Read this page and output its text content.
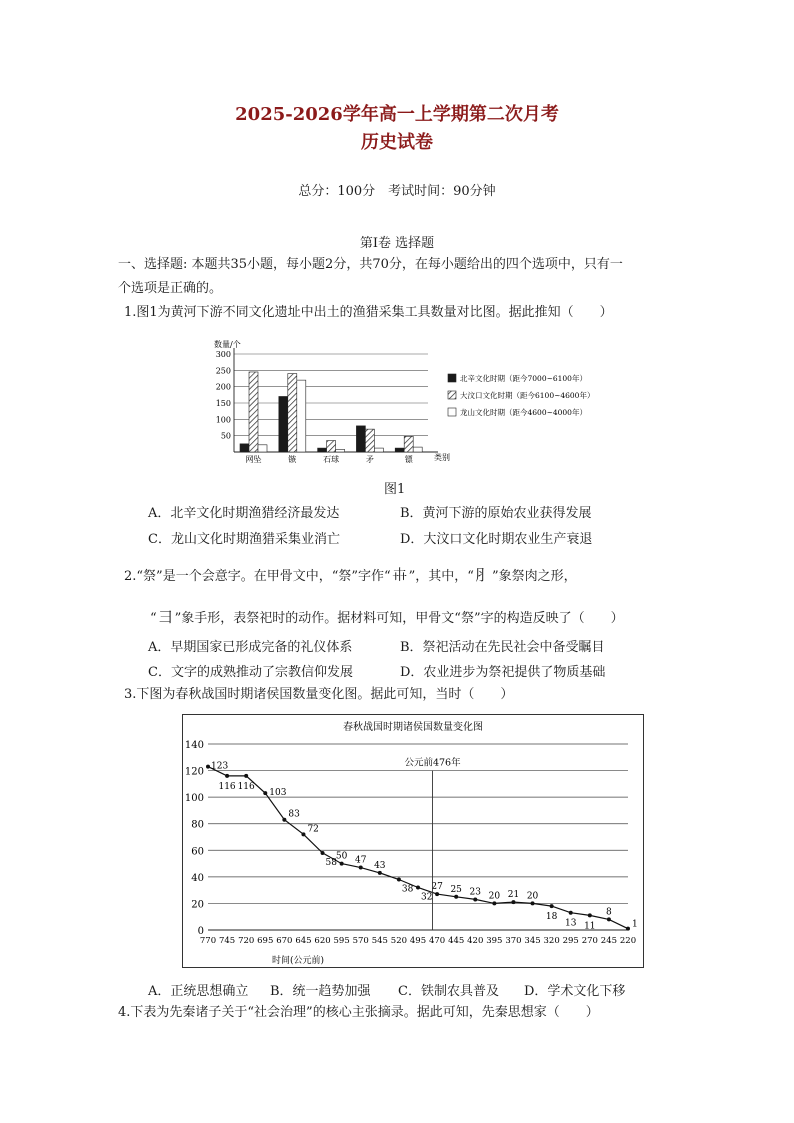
2025-2026学年高一上学期第二次月考
历史试卷
总分：100分　考试时间：90分钟
第Ⅰ卷 选择题
一、选择题: 本题共35小题，每小题2分，共70分，在每小题给出的四个选项中，只有一
个选项是正确的。
1.图1为黄河下游不同文化遗址中出土的渔猎采集工具数量对比图。据此推知（　　）
数量/个
50
100
150
200
250
300
网坠	镞	石球	矛	镖	类别
北辛文化时期（距今7000~6100年）
大汶口文化时期（距今6100~4600年）
龙山文化时期（距今4600~4000年）
图1
A．北辛文化时期渔猎经济最发达	B．黄河下游的原始农业获得发展
C．龙山文化时期渔猎采集业消亡	D．大汶口文化时期农业生产衰退
2.“祭”是一个会意字。在甲骨文中，“祭”字作“𠦃 ”，其中，“⺼ ”象祭肉之形，
“⺕ ”象手形，表祭祀时的动作。据材料可知，甲骨文“祭”字的构造反映了（　　）
A．早期国家已形成完备的礼仪体系	B．祭祀活动在先民社会中备受瞩目
C．文字的成熟推动了宗教信仰发展	D．农业进步为祭祀提供了物质基础
3.下图为春秋战国时期诸侯国数量变化图。据此可知，当时（　　）
春秋战国时期诸侯国数量变化图
0
20
40
60
80
100
120
140
123
116 116
103
83
72
58
50 47
43
38
32
27 25 23 20 21 20
18
13 11
8
1
公元前476年
770 745 720 695 670 645 620 595 570 545 520 495 470 445 420 395 370 345 320 295 270 245 220
时间(公元前)
A．正统思想确立 B．统一趋势加强 C．铁制农具普及 D．学术文化下移
4.下表为先秦诸子关于“社会治理”的核心主张摘录。据此可知，先秦思想家（　　）
